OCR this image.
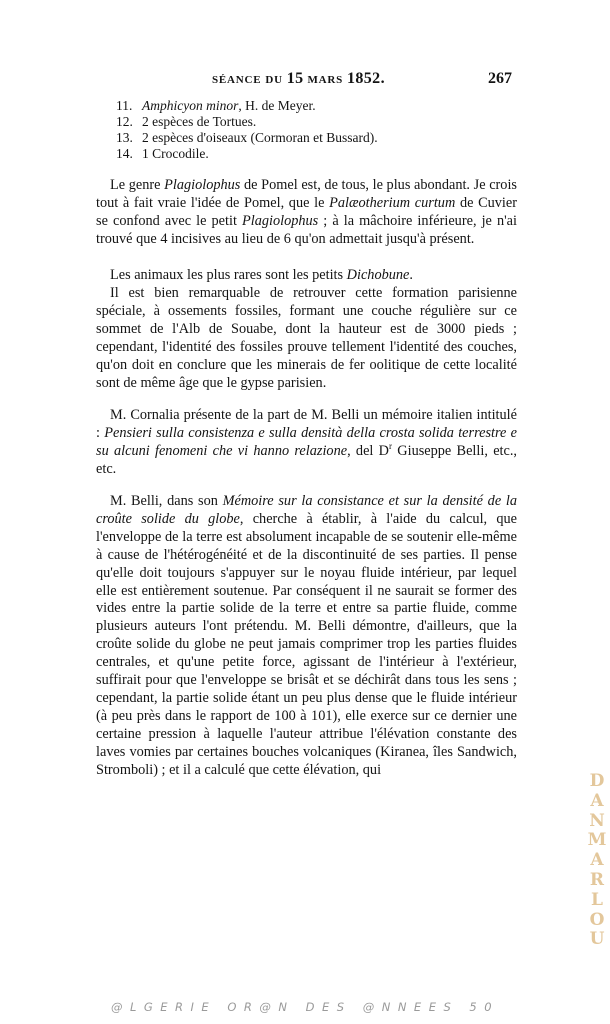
SÉANCE DU 15 MARS 1852.	267
11. Amphicyon minor, H. de Meyer.
12. 2 espèces de Tortues.
13. 2 espèces d'oiseaux (Cormoran et Bussard).
14. 1 Crocodile.

Le genre Plagiolophus de Pomel est, de tous, le plus abondant. Je crois tout à fait vraie l'idée de Pomel, que le Palæotherium curtum de Cuvier se confond avec le petit Plagiolophus ; à la mâchoire inférieure, je n'ai trouvé que 4 incisives au lieu de 6 qu'on admettait jusqu'à présent.

Les animaux les plus rares sont les petits Dichobune.

Il est bien remarquable de retrouver cette formation parisienne spéciale, à ossements fossiles, formant une couche régulière sur ce sommet de l'Alb de Souabe, dont la hauteur est de 3000 pieds ; cependant, l'identité des fossiles prouve tellement l'identité des couches, qu'on doit en conclure que les minerais de fer oolitique de cette localité sont de même âge que le gypse parisien.

M. Cornalia présente de la part de M. Belli un mémoire italien intitulé : Pensieri sulla consistenza e sulla densità della crosta solida terrestre e su alcuni fenomeni che vi hanno relazione, del $D^r$ Giuseppe Belli, etc., etc.

M. Belli, dans son Mémoire sur la consistance et sur la densité de la croûte solide du globe, cherche à établir, à l'aide du calcul, que l'enveloppe de la terre est absolument incapable de se soutenir elle-même à cause de l'hétérogénéité et de la discontinuité de ses parties. Il pense qu'elle doit toujours s'appuyer sur le noyau fluide intérieur, par lequel elle est entièrement soutenue. Par conséquent il ne saurait se former des vides entre la partie solide de la terre et entre sa partie fluide, comme plusieurs auteurs l'ont prétendu. M. Belli démontre, d'ailleurs, que la croûte solide du globe ne peut jamais comprimer trop les parties fluides centrales, et qu'une petite force, agissant de l'intérieur à l'extérieur, suffirait pour que l'enveloppe se brisât et se déchirât dans tous les sens ; cependant, la partie solide étant un peu plus dense que le fluide intérieur (à peu près dans le rapport de 100 à 101), elle exerce sur ce dernier une certaine pression à laquelle l'auteur attribue l'élévation constante des laves vomies par certaines bouches volcaniques (Kiranea, îles Sandwich, Stromboli) ; et il a calculé que cette élévation, qui

D
A
N
M
A
R
L
O
U
@LGERIE OR@N DES @NNEES 50
